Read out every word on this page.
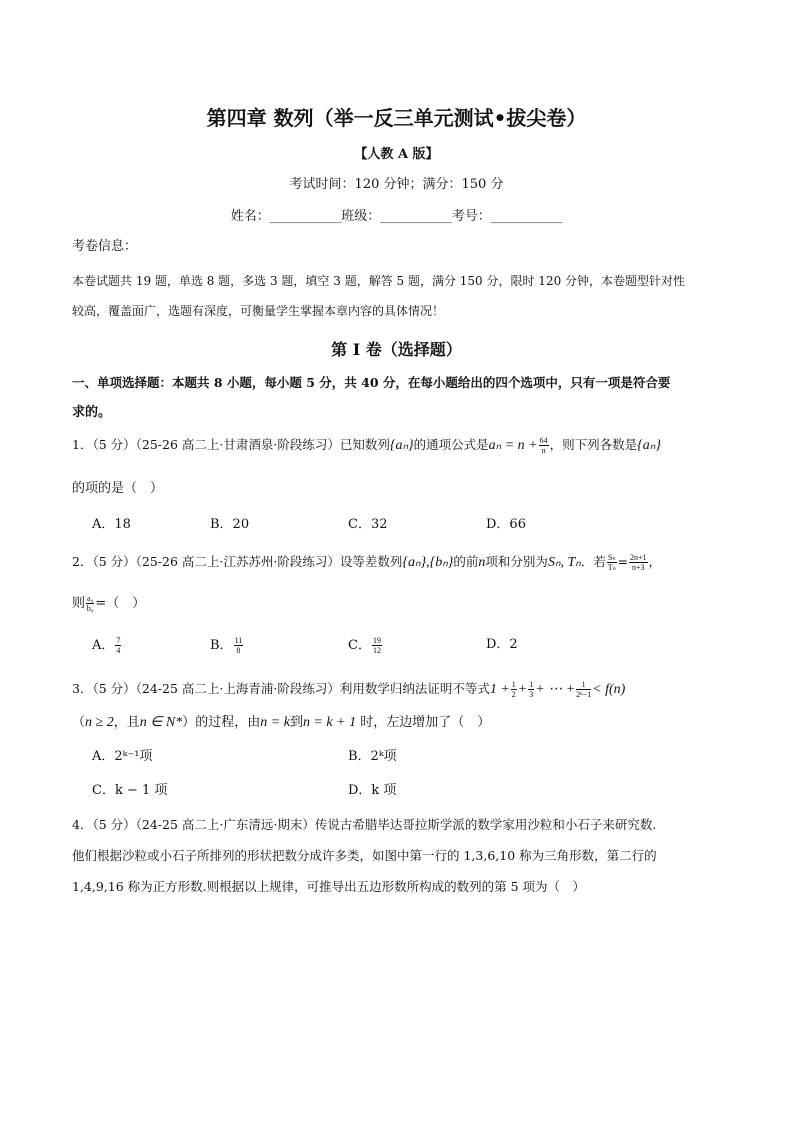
第四章 数列（举一反三单元测试•拔尖卷）
【人教 A 版】
考试时间：120 分钟；满分：150 分
姓名：___________班级：___________考号：___________
考卷信息：
本卷试题共 19 题，单选 8 题，多选 3 题，填空 3 题，解答 5 题，满分 150 分，限时 120 分钟，本卷题型针对性
较高，覆盖面广，选题有深度，可衡量学生掌握本章内容的具体情况！
第 I 卷（选择题）
一、单项选择题：本题共 8 小题，每小题 5 分，共 40 分，在每小题给出的四个选项中，只有一项是符合要
求的。
1．（5 分）（25-26 高二上·甘肃酒泉·阶段练习）已知数列{aₙ}的通项公式是$a_n = n + \frac{64}{n}$ ，则下列各数是{aₙ}
的项的是（　）
A．18	B．20	C．32	D．66
2．（5 分）（25-26 高二上·江苏苏州·阶段练习）设等差数列{aₙ},{bₙ}的前n项和分别为Sₙ, Tₙ．若 $\frac{\text{Sₙ}}{\text{Tₙ}} = \frac{2n+1}{n+3}$ ，
则 $\frac{\text{a₉}}{\text{b₉}}$ =（　）
A． $\frac{7}{4}$	B． $\frac{11}{8}$	C． $\frac{19}{12}$	D．2
3．（5 分）（24-25 高二上·上海青浦·阶段练习）利用数学归纳法证明不等式$1 + \frac{1}{2} + \frac{1}{3}$ + ⋯ + $\frac{1}{\text{2ⁿ−1}} < f(n)$
（n ≥ 2，且n ∈ N*）的过程，由n = k到n = k + 1 时，左边增加了（　）
A．2ᵏ⁻¹项	B．2ᵏ项
C．k − 1 项	D．k 项
4．（5 分）（24-25 高二上·广东清远·期末）传说古希腊毕达哥拉斯学派的数学家用沙粒和小石子来研究数.
他们根据沙粒或小石子所排列的形状把数分成许多类，如图中第一行的 1,3,6,10 称为三角形数，第二行的
1,4,9,16 称为正方形数.则根据以上规律，可推导出五边形数所构成的数列的第 5 项为（　）
